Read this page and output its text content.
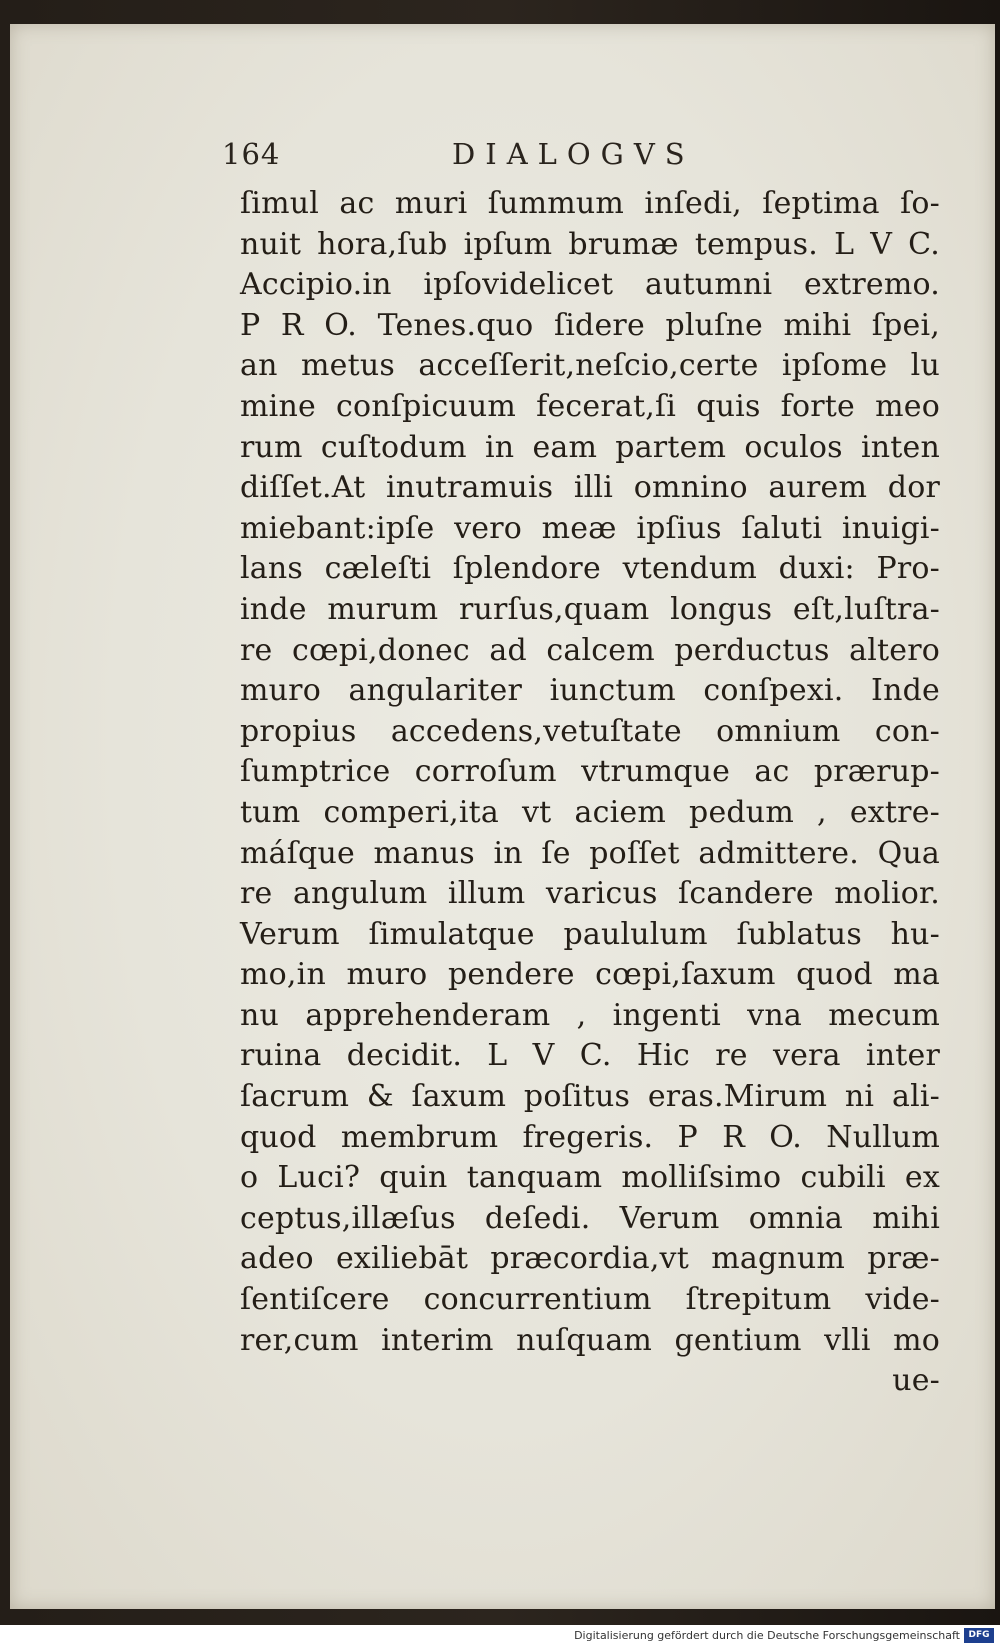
164	DIALOGVS
ſimul ac muri ſummum inſedi, ſeptima ſo-
nuit hora,ſub ipſum brumæ tempus. L V C.
Accipio.in ipſovidelicet autumni extremo.
P R O. Tenes.quo ſidere pluſne mihi ſpei,
an metus acceſſerit,neſcio,certe ipſome lu
mine conſpicuum fecerat,ſi quis forte meo
rum cuſtodum in eam partem oculos inten
diſſet.At inutramuis illi omnino aurem dor
miebant:ipſe vero meæ ipſius ſaluti inuigi-
lans cæleſti ſplendore vtendum duxi: Pro-
inde murum rurſus,quam longus eſt,luſtra-
re cœpi,donec ad calcem perductus altero
muro angulariter iunctum conſpexi. Inde
propius accedens,vetuſtate omnium con-
ſumptrice corroſum vtrumque ac prærup-
tum comperi,ita vt aciem pedum , extre-
máſque manus in ſe poſſet admittere. Qua
re angulum illum varicus ſcandere molior.
Verum ſimulatque paululum ſublatus hu-
mo,in muro pendere cœpi,ſaxum quod ma
nu apprehenderam , ingenti vna mecum
ruina decidit. L V C. Hic re vera inter
ſacrum & ſaxum poſitus eras.Mirum ni ali-
quod membrum fregeris. P R O. Nullum
o Luci? quin tanquam molliſsimo cubili ex
ceptus,illæſus deſedi. Verum omnia mihi
adeo exiliebāt præcordia,vt magnum præ-
ſentiſcere concurrentium ſtrepitum vide-
rer,cum interim nuſquam gentium vlli mo
ue-
Digitalisierung gefördert durch die Deutsche Forschungsgemeinschaft DFG
